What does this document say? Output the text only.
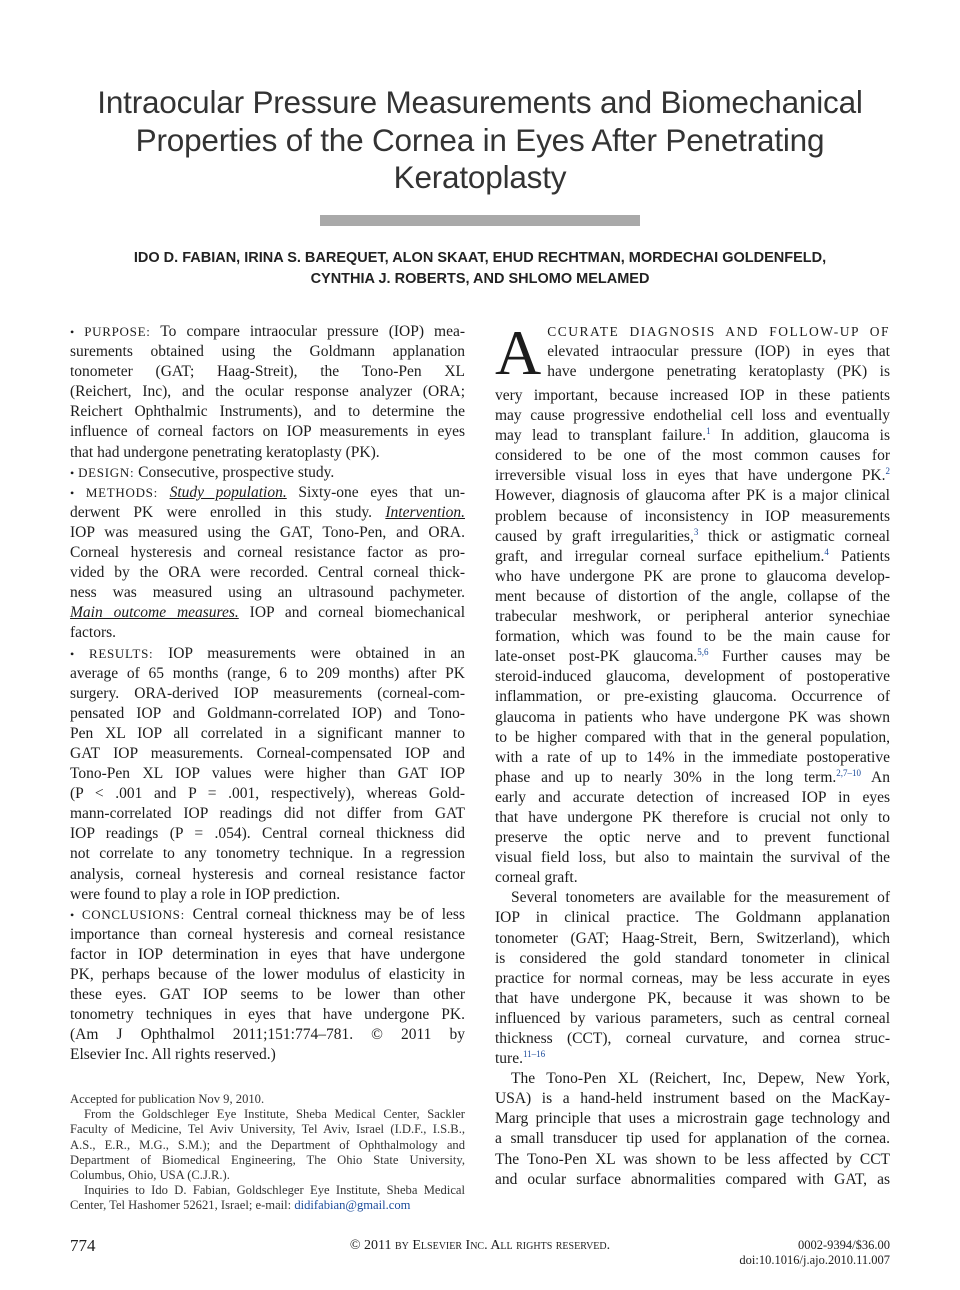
Intraocular Pressure Measurements and Biomechanical
Properties of the Cornea in Eyes After Penetrating
Keratoplasty
IDO D. FABIAN, IRINA S. BAREQUET, ALON SKAAT, EHUD RECHTMAN, MORDECHAI GOLDENFELD,
CYNTHIA J. ROBERTS, AND SHLOMO MELAMED
• PURPOSE: To compare intraocular pressure (IOP) mea-
surements obtained using the Goldmann applanation
tonometer (GAT; Haag-Streit), the Tono-Pen XL
(Reichert, Inc), and the ocular response analyzer (ORA;
Reichert Ophthalmic Instruments), and to determine the
influence of corneal factors on IOP measurements in eyes
that had undergone penetrating keratoplasty (PK).
• DESIGN: Consecutive, prospective study.
• METHODS: Study population. Sixty-one eyes that un-
derwent PK were enrolled in this study. Intervention.
IOP was measured using the GAT, Tono-Pen, and ORA.
Corneal hysteresis and corneal resistance factor as pro-
vided by the ORA were recorded. Central corneal thick-
ness was measured using an ultrasound pachymeter.
Main outcome measures. IOP and corneal biomechanical
factors.
• RESULTS: IOP measurements were obtained in an
average of 65 months (range, 6 to 209 months) after PK
surgery. ORA-derived IOP measurements (corneal-com-
pensated IOP and Goldmann-correlated IOP) and Tono-
Pen XL IOP all correlated in a significant manner to
GAT IOP measurements. Corneal-compensated IOP and
Tono-Pen XL IOP values were higher than GAT IOP
(P < .001 and P = .001, respectively), whereas Gold-
mann-correlated IOP readings did not differ from GAT
IOP readings (P = .054). Central corneal thickness did
not correlate to any tonometry technique. In a regression
analysis, corneal hysteresis and corneal resistance factor
were found to play a role in IOP prediction.
• CONCLUSIONS: Central corneal thickness may be of less
importance than corneal hysteresis and corneal resistance
factor in IOP determination in eyes that have undergone
PK, perhaps because of the lower modulus of elasticity in
these eyes. GAT IOP seems to be lower than other
tonometry techniques in eyes that have undergone PK.
(Am J Ophthalmol 2011;151:774–781. © 2011 by
Elsevier Inc. All rights reserved.)
Accepted for publication Nov 9, 2010.
From the Goldschleger Eye Institute, Sheba Medical Center, Sackler
Faculty of Medicine, Tel Aviv University, Tel Aviv, Israel (I.D.F., I.S.B.,
A.S., E.R., M.G., S.M.); and the Department of Ophthalmology and
Department of Biomedical Engineering, The Ohio State University,
Columbus, Ohio, USA (C.J.R.).
Inquiries to Ido D. Fabian, Goldschleger Eye Institute, Sheba Medical
Center, Tel Hashomer 52621, Israel; e-mail: didifabian@gmail.com
A CCURATE DIAGNOSIS AND FOLLOW-UP OF
elevated intraocular pressure (IOP) in eyes that
have undergone penetrating keratoplasty (PK) is
very important, because increased IOP in these patients
may cause progressive endothelial cell loss and eventually
may lead to transplant failure.$^1$ In addition, glaucoma is
considered to be one of the most common causes for
irreversible visual loss in eyes that have undergone PK.$^2$
However, diagnosis of glaucoma after PK is a major clinical
problem because of inconsistency in IOP measurements
caused by graft irregularities,$^3$ thick or astigmatic corneal
graft, and irregular corneal surface epithelium.$^4$ Patients
who have undergone PK are prone to glaucoma develop-
ment because of distortion of the angle, collapse of the
trabecular meshwork, or peripheral anterior synechiae
formation, which was found to be the main cause for
late-onset post-PK glaucoma.$^{5,6}$ Further causes may be
steroid-induced glaucoma, development of postoperative
inflammation, or pre-existing glaucoma. Occurrence of
glaucoma in patients who have undergone PK was shown
to be higher compared with that in the general population,
with a rate of up to 14% in the immediate postoperative
phase and up to nearly 30% in the long term.$^{2,7-10}$ An
early and accurate detection of increased IOP in eyes
that have undergone PK therefore is crucial not only to
preserve the optic nerve and to prevent functional
visual field loss, but also to maintain the survival of the
corneal graft.
Several tonometers are available for the measurement of
IOP in clinical practice. The Goldmann applanation
tonometer (GAT; Haag-Streit, Bern, Switzerland), which
is considered the gold standard tonometer in clinical
practice for normal corneas, may be less accurate in eyes
that have undergone PK, because it was shown to be
influenced by various parameters, such as central corneal
thickness (CCT), corneal curvature, and cornea struc-
ture.$^{11-16}$
The Tono-Pen XL (Reichert, Inc, Depew, New York,
USA) is a hand-held instrument based on the MacKay-
Marg principle that uses a microstrain gage technology and
a small transducer tip used for applanation of the cornea.
The Tono-Pen XL was shown to be less affected by CCT
and ocular surface abnormalities compared with GAT, as
774	© 2011 by Elsevier Inc. All rights reserved.	0002-9394/$36.00
doi:10.1016/j.ajo.2010.11.007
